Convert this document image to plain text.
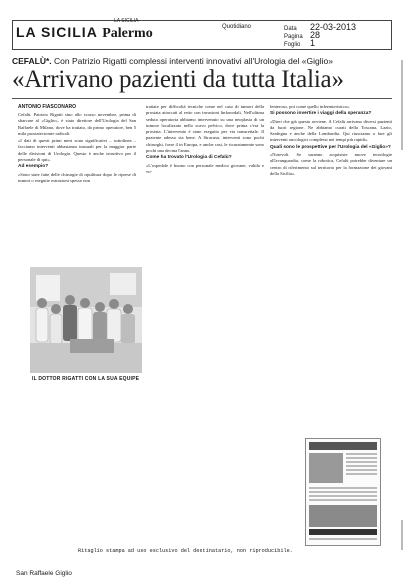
LA SICILIA
LA SICILIA
Palermo	Quotidiano	Data 22-03-2013
Pagina 28
Foglio 1
CEFALÙ*. Con Patrizio Rigatti complessi interventi innovativi all'Urologia del «Giglio»
«Arrivano pazienti da tutta Italia»
ANTONIO FIASCONARO

Cefalù. Patrizio Rigatti sino allo scorso novembre, prima di sbarcare al «Giglio», è stato direttore dell'Urologia del San Raffaele di Milano, dove ha trattato, da primo operatore, ben 5 mila prostatectomie radicali.

«I dati di questi primi mesi sono significativi – sottolinea – facciamo interventi abbastanza inusuali per la maggior parte delle divisioni di Urologia. Questo è anche istruttivo per il personale di qui».

Ad esempio?

«Sono state fatte delle chirurgie di ripulitura dopo le riprese di tumori o eseguite estrazioni spesso non

trattate per difficoltà tecniche come nel caso di tumori della prostata attaccati al retto con invasioni linfonodali. Nell'ultima seduta operatoria abbiamo intervenuto su una neoplasia di un tumore localizzato nello scavo pelvico, dove prima c'era la prostata. L'intervento è stato eseguito per via transrettale. Il paziente adesso sta bene. A Siracusa, interventi sono pochi chirurghi, forse 4 in Europa, e anche casi, le ricuratamente sono pochi una decina l'anno.

Come ha trovato l'Urologia di Cefalù?

«L'ospedale è buono con personale medico giovane, valido e vo-

lenteroso, poi come quello infermieristico».

Si possono invertire i viaggi della speranza?

«Direi che già questo avviene. A Cefalù arrivano diversi pazienti da fuori regione. Ne abbiamo curati della Toscana, Lazio, Sardegna e anche della Lombardia. Qui riusciamo a fare gli interventi oncologici complessi nei tempi più rapidi».

Quali sono le prospettive per l'Urologia del «Giglio»?

«Notevoli. Se saranno acquisiste nuove tecnologie all'avanguardia, come la robotica, Cefalù potrebbe diventare un centro di riferimento sul territorio per la formazione dei giovani della Sicilia».

IL DOTTOR RIGATTI CON LA SUA EQUIPE
Ritaglio stampa ad uso esclusivo del destinatario, non riproducibile.
San Raffaele Giglio
